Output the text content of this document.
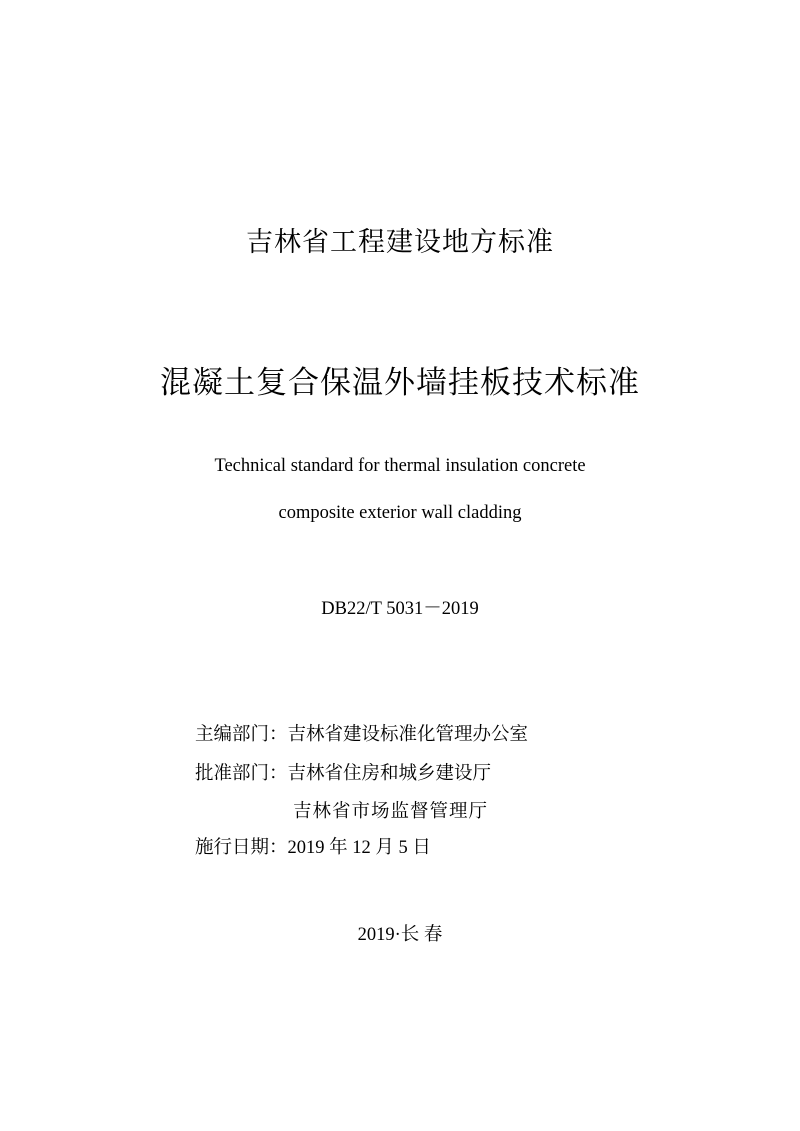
吉林省工程建设地方标准
混凝土复合保温外墙挂板技术标准
Technical standard for thermal insulation concrete
composite exterior wall cladding
DB22/T 5031－2019
主编部门：吉林省建设标准化管理办公室
批准部门：吉林省住房和城乡建设厅
吉林省市场监督管理厅
施行日期：2019 年 12 月 5 日
2019·长 春
